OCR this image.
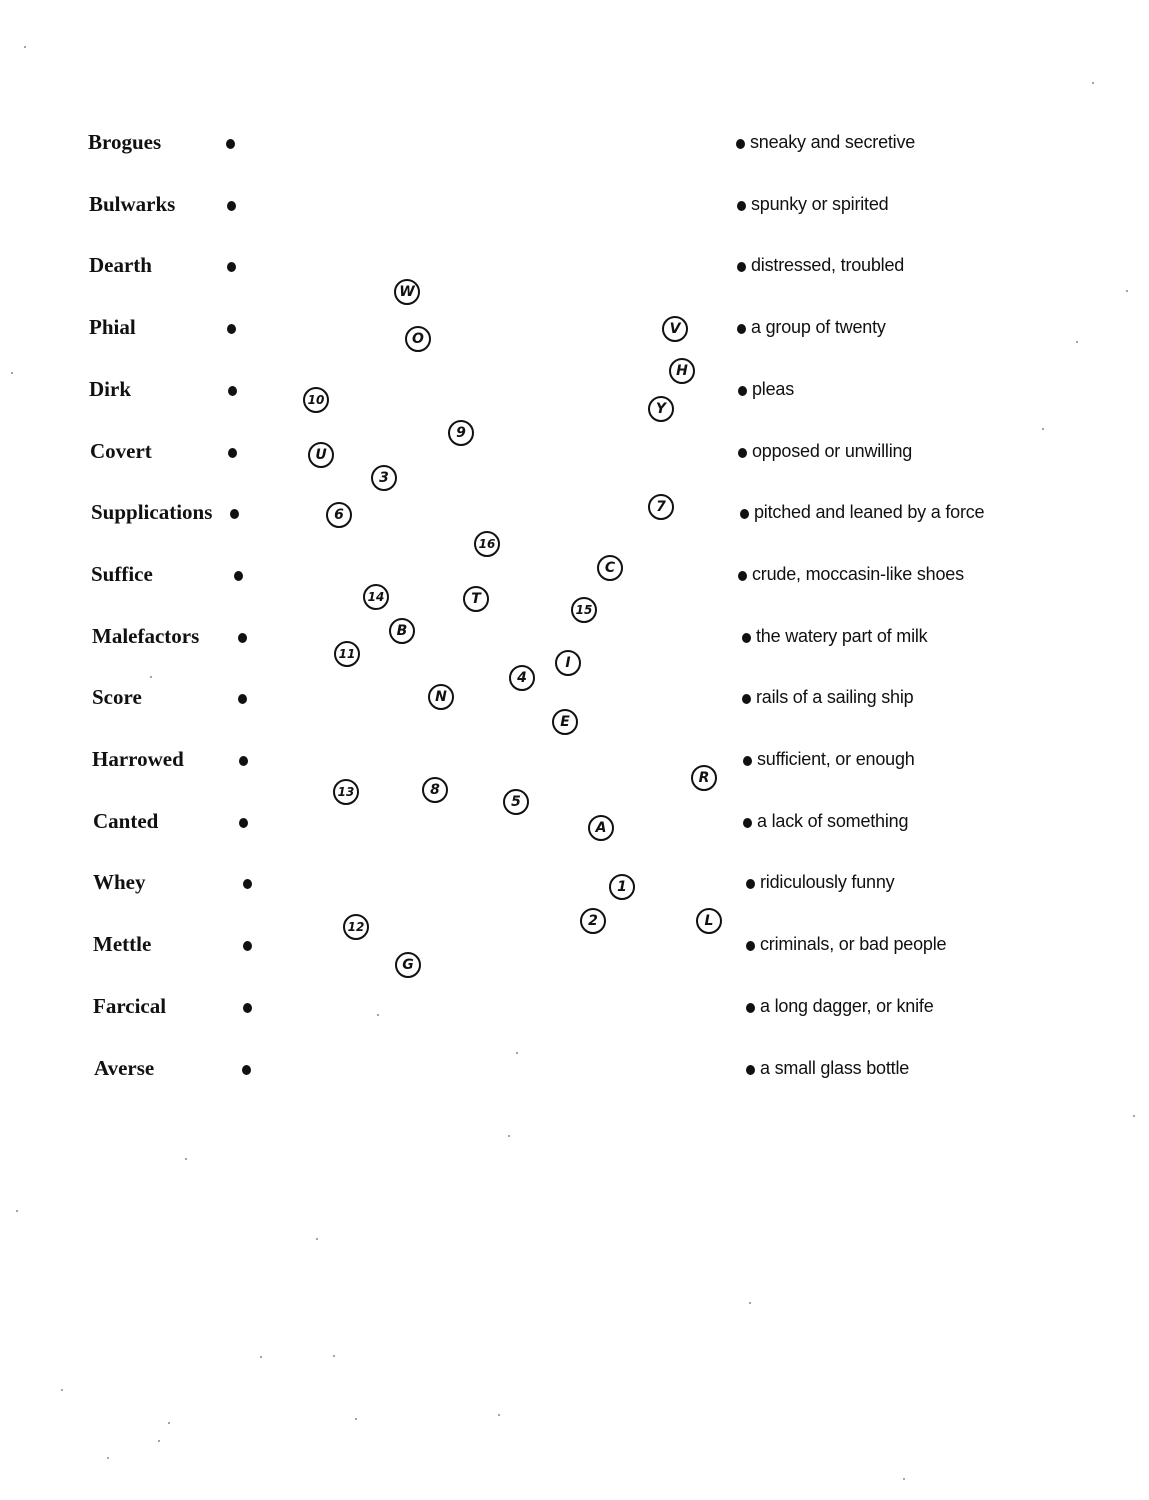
Brogues
Bulwarks
Dearth
Phial
Dirk
Covert
Supplications
Suffice
Malefactors
Score
Harrowed
Canted
Whey
Mettle
Farcical
Averse
W
O
V
H
Y
10
9
U
3
7
6
16
C
14	T
15
B
11
I
4
N
E
R
13	8
5
A
1
2	L
12
G
sneaky and secretive
spunky or spirited
distressed, troubled
a group of twenty
pleas
opposed or unwilling
pitched and leaned by a force
crude, moccasin-like shoes
the watery part of milk
rails of a sailing ship
sufficient, or enough
a lack of something
ridiculously funny
criminals, or bad people
a long dagger, or knife
a small glass bottle
